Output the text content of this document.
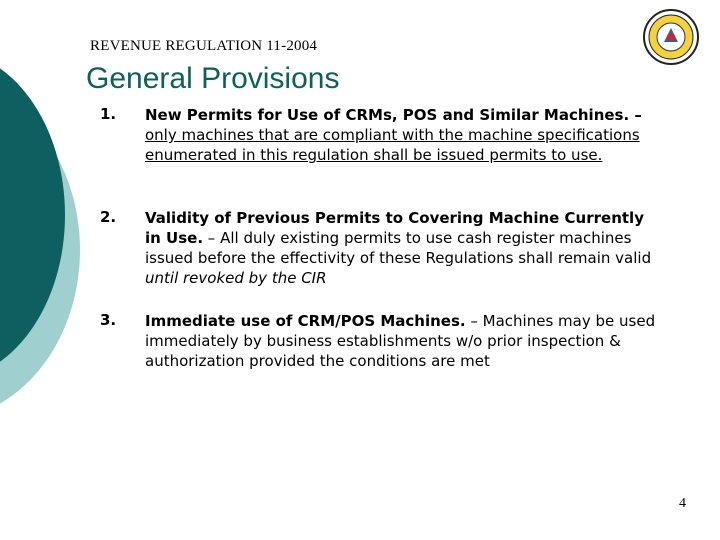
REVENUE REGULATION 11-2004
General Provisions
1. New Permits for Use of CRMs, POS and Similar Machines. – only machines that are compliant with the machine specifications enumerated in this regulation shall be issued permits to use.
2. Validity of Previous Permits to Covering Machine Currently in Use. – All duly existing permits to use cash register machines issued before the effectivity of these Regulations shall remain valid until revoked by the CIR
3. Immediate use of CRM/POS Machines. – Machines may be used immediately by business establishments w/o prior inspection & authorization provided the conditions are met
4
